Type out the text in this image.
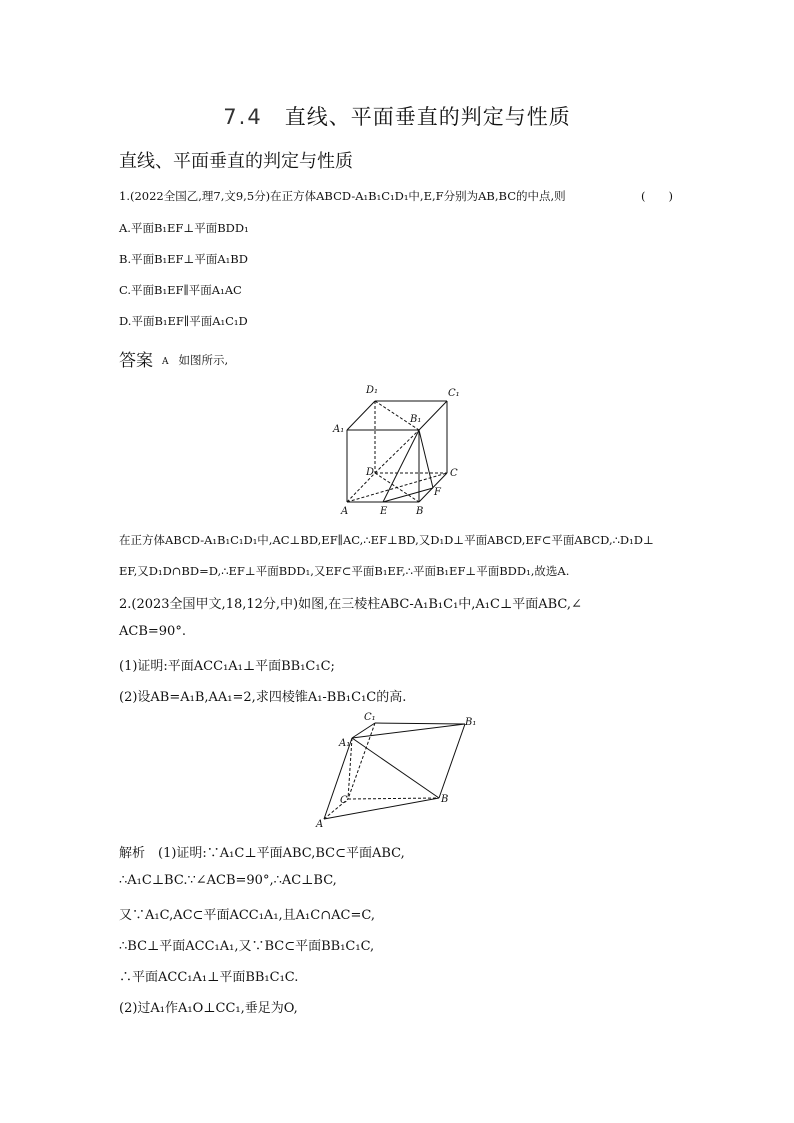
7.4 直线、平面垂直的判定与性质
直线、平面垂直的判定与性质
1.(2022全国乙,理7,文9,5分)在正方体ABCD-A₁B₁C₁D₁中,E,F分别为AB,BC的中点,则	(　　)
A.平面B₁EF⊥平面BDD₁
B.平面B₁EF⊥平面A₁BD
C.平面B₁EF∥平面A₁AC
D.平面B₁EF∥平面A₁C₁D
答案 A 如图所示,
D₁	C₁
A₁
B₁
D	C
A	E	B
F
在正方体ABCD-A₁B₁C₁D₁中,AC⊥BD,EF∥AC,∴EF⊥BD,又D₁D⊥平面ABCD,EF⊂平面ABCD,∴D₁D⊥
EF,又D₁D∩BD=D,∴EF⊥平面BDD₁,又EF⊂平面B₁EF,∴平面B₁EF⊥平面BDD₁,故选A.
2.(2023全国甲文,18,12分,中)如图,在三棱柱ABC-A₁B₁C₁中,A₁C⊥平面ABC,∠
ACB=90°.
(1)证明:平面ACC₁A₁⊥平面BB₁C₁C;
(2)设AB=A₁B,AA₁=2,求四棱锥A₁-BB₁C₁C的高.
C₁	B₁
A₁
C	B
A
解析　(1)证明:∵A₁C⊥平面ABC,BC⊂平面ABC,
∴A₁C⊥BC.∵∠ACB=90°,∴AC⊥BC,
又∵A₁C,AC⊂平面ACC₁A₁,且A₁C∩AC=C,
∴BC⊥平面ACC₁A₁,又∵BC⊂平面BB₁C₁C,
∴平面ACC₁A₁⊥平面BB₁C₁C.
(2)过A₁作A₁O⊥CC₁,垂足为O,
